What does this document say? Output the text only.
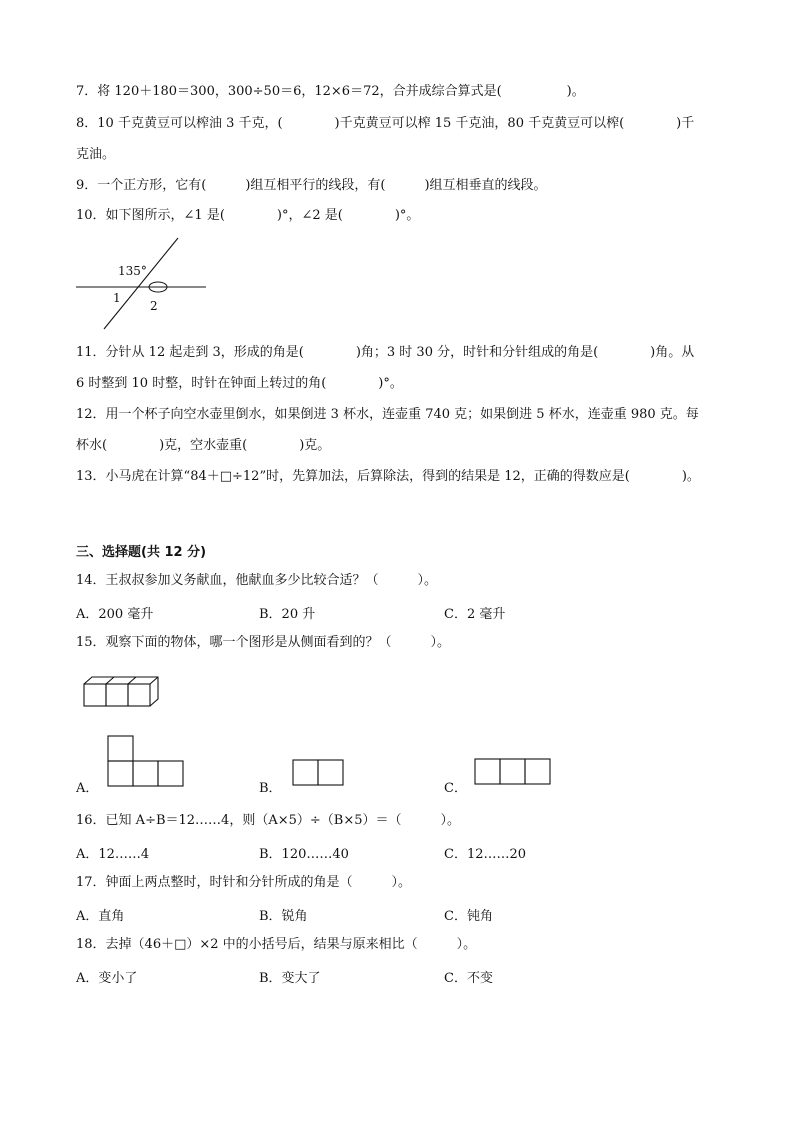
7．将 120＋180＝300，300÷50＝6，12×6＝72，合并成综合算式是(　　　　　)。
8．10 千克黄豆可以榨油 3 千克，(　　　　)千克黄豆可以榨 15 千克油，80 千克黄豆可以榨(　　　　)千
克油。
9．一个正方形，它有(　　　)组互相平行的线段，有(　　　)组互相垂直的线段。
10．如下图所示，∠1 是(　　　　)°，∠2 是(　　　　)°。
135°
1
2
11．分针从 12 起走到 3，形成的角是(　　　　)角；3 时 30 分，时针和分针组成的角是(　　　　)角。从
6 时整到 10 时整，时针在钟面上转过的角(　　　　)°。
12．用一个杯子向空水壶里倒水，如果倒进 3 杯水，连壶重 740 克；如果倒进 5 杯水，连壶重 980 克。每
杯水(　　　　)克，空水壶重(　　　　)克。
13．小马虎在计算“84＋□÷12”时，先算加法，后算除法，得到的结果是 12，正确的得数应是(　　　　)。
三、选择题(共 12 分)
14．王叔叔参加义务献血，他献血多少比较合适？（　　　）。
A．200 毫升	B．20 升	C．2 毫升
15．观察下面的物体，哪一个图形是从侧面看到的？（　　　）。
A．	B．	C．
16．已知 A÷B＝12……4，则（A×5）÷（B×5）＝（　　　）。
A．12……4	B．120……40	C．12……20
17．钟面上两点整时，时针和分针所成的角是（　　　）。
A．直角	B．锐角	C．钝角
18．去掉（46＋□）×2 中的小括号后，结果与原来相比（　　　）。
A．变小了	B．变大了	C．不变
